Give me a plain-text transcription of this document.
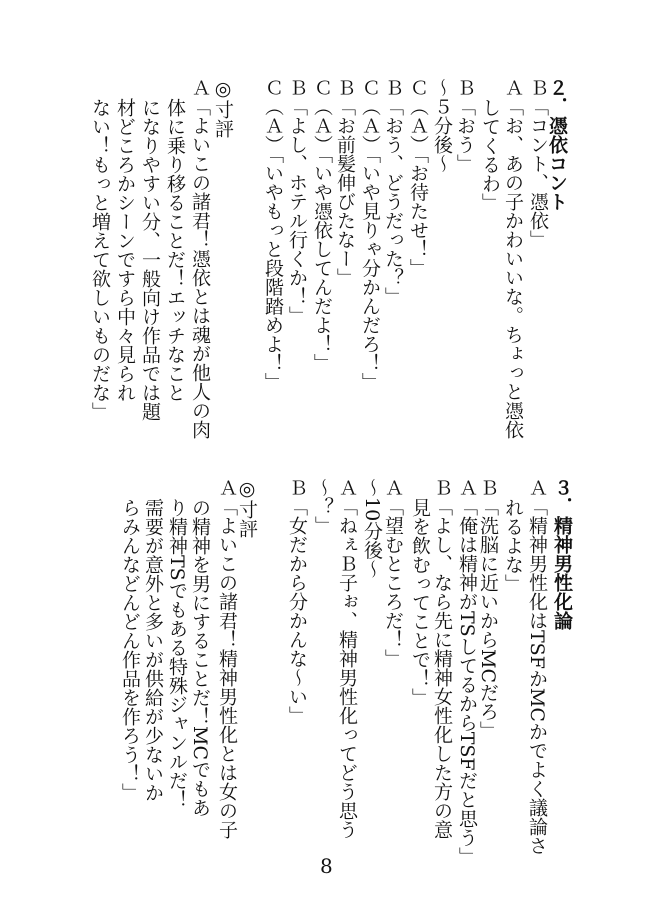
２．憑依コント
Ｂ「コント、憑依」
Ａ「お、あの子かわいいな。ちょっと憑依
してくるわ」
Ｂ「おう」
〜５分後〜
Ｃ（Ａ）「お待たせ！」
Ｂ「おう、どうだった？」
Ｃ（Ａ）「いや見りゃ分かんだろ！」
Ｂ「お前髪伸びたなー」
Ｃ（Ａ）「いや憑依してんだよ！」
Ｂ「よし、ホテル行くか！」
Ｃ（Ａ）「いやもっと段階踏めよ！」
◎寸評
Ａ「よいこの諸君！憑依とは魂が他人の肉
体に乗り移ることだ！エッチなこと
になりやすい分、一般向け作品では題
材どころかシーンですら中々見られ
ない！もっと増えて欲しいものだな」
３．精神男性化論
Ａ「精神男性化はTSFかMCかでよく議論さ
れるよな」
Ｂ「洗脳に近いからMCだろ」
Ａ「俺は精神がTSしてるからTSFだと思う」
Ｂ「よし、なら先に精神女性化した方の意
見を飲むってことで！」
Ａ「望むところだ！」
〜10分後〜
Ａ「ねぇＢ子ぉ、精神男性化ってどう思う
〜？」
Ｂ「女だから分かんな〜い」
◎寸評
Ａ「よいこの諸君！精神男性化とは女の子
の精神を男にすることだ！MCでもあ
り精神TSでもある特殊ジャンルだ！
需要が意外と多いが供給が少ないか
らみんなどんどん作品を作ろう！」
8
